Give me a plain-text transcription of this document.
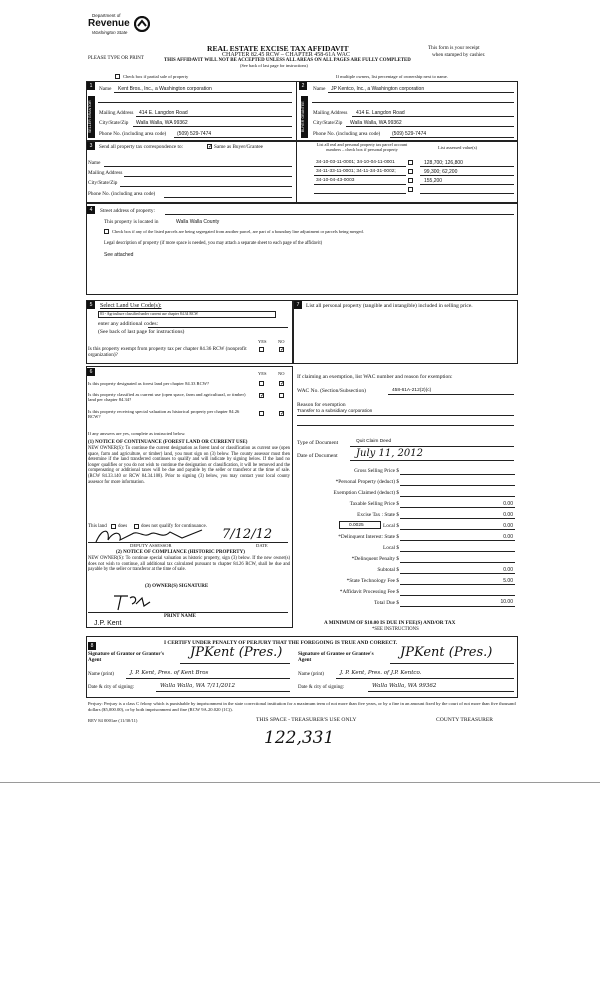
Department of
Revenue
Washington State
REAL ESTATE EXCISE TAX AFFIDAVIT
CHAPTER 82.45 RCW – CHAPTER 458-61A WAC
THIS AFFIDAVIT WILL NOT BE ACCEPTED UNLESS ALL AREAS ON ALL PAGES ARE FULLY COMPLETED
(See back of last page for instructions)
PLEASE TYPE OR PRINT
This form is your receipt
when stamped by cashier.
Check box if partial sale of property	If multiple owners, list percentage of ownership next to name.
1
SELLER GRANTOR
Name Kent Bros., Inc., a Washington corporation
Mailing Address 414 E. Langdon Road
City/State/Zip Walla Walla, WA 99362
Phone No. (including area code) (509) 529-7474
2
BUYER GRANTEE
Name JP Kentco, Inc., a Washington corporation
Mailing Address 414 E. Langdon Road
City/State/Zip Walla Walla, WA 99362
Phone No. (including area code) (509) 529-7474
3	Send all property tax correspondence to:
✓	Same as Buyer/Grantee
Name
Mailing Address
City/State/Zip
Phone No. (including area code)
List all real and personal property tax parcel account numbers – check box if personal property	List assessed value(s)
34-10-03-11-0001; 34-10-04-11-0001	128,700; 126,800
34-11-33-11-0001; 34-11-34-31-0002;	99,300; 62,200
34-10-04-43-0003	155,200
4	Street address of property:
This property is located in	Walla Walla County
Check box if any of the listed parcels are being segregated from another parcel, are part of a boundary line adjustment or parcels being merged.
Legal description of property (if more space is needed, you may attach a separate sheet to each page of the affidavit)
See attached
5	Select Land Use Code(s):
83 - Agriculture classified under current use chapter 84.34 RCW
enter any additional codes:
(See back of last page for instructions)
YES	NO
Is this property exempt from property tax per chapter 84.36 RCW (nonprofit organization)?
✓
7	List all personal property (tangible and intangible) included in selling price.
6	YES	NO
Is this property designated as forest land per chapter 84.33 RCW?
✓
Is this property classified as current use (open space, farm and agricultural, or timber) land per chapter 84.34?
✓
Is this property receiving special valuation as historical property per chapter 84.26 RCW?
✓
If any answers are yes, complete as instructed below.
(1) NOTICE OF CONTINUANCE (FOREST LAND OR CURRENT USE)
NEW OWNER(S): To continue the current designation as forest land or classification as current use (open space, farm and agriculture, or timber) land, you must sign on (3) below. The county assessor must then determine if the land transferred continues to qualify and will indicate by signing below. If the land no longer qualifies or you do not wish to continue the designation or classification, it will be removed and the compensating or additional taxes will be due and payable by the seller or transferor at the time of sale. (RCW 84.33.140 or RCW 84.34.108). Prior to signing (3) below, you may contact your local county assessor for more information.
This land does	does not qualify for continuance.
7/12/12
DEPUTY ASSESSOR	DATE
(2) NOTICE OF COMPLIANCE (HISTORIC PROPERTY)
NEW OWNER(S): To continue special valuation as historic property, sign (3) below. If the new owner(s) does not wish to continue, all additional tax calculated pursuant to chapter 84.26 RCW, shall be due and payable by the seller or transferor at the time of sale.
(3) OWNER(S) SIGNATURE
PRINT NAME
J.P. Kent
If claiming an exemption, list WAC number and reason for exemption:
WAC No. (Section/Subsection)	458-61A-212(2)(c)
Reason for exemption
Transfer to a subsidiary corporation
Type of Document	Quit Claim Deed
Date of Document July 11, 2012
Gross Selling Price $
*Personal Property (deduct) $
Exemption Claimed (deduct) $
Taxable Selling Price $	0.00
Excise Tax : State $	0.00
0.0025	Local $	0.00
*Delinquent Interest: State $	0.00
Local $
*Delinquent Penalty $
Subtotal $	0.00
*State Technology Fee $	5.00
*Affidavit Processing Fee $
Total Due $	10.00
A MINIMUM OF $10.00 IS DUE IN FEE(S) AND/OR TAX
*SEE INSTRUCTIONS
8	I CERTIFY UNDER PENALTY OF PERJURY THAT THE FOREGOING IS TRUE AND CORRECT.
Signature of Grantor or Grantor's Agent	JPKent (Pres.)
Name (print)	J. P. Kent, Pres. of Kent Bros
Date & city of signing:	Walla Walla, WA 7/11/2012
Signature of Grantee or Grantee's Agent	JPKent (Pres.)
Name (print)	J. P. Kent, Pres. of J.P. Kentco.
Date & city of signing:	Walla Walla, WA 99362
Perjury: Perjury is a class C felony which is punishable by imprisonment in the state correctional institution for a maximum term of not more than five years, or by a fine in an amount fixed by the court of not more than five thousand dollars ($5,000.00), or by both imprisonment and fine (RCW 9A.20.020 (1C)).
REV 84 0001ae (11/30/11)	THIS SPACE - TREASURER'S USE ONLY	COUNTY TREASURER
122,331
